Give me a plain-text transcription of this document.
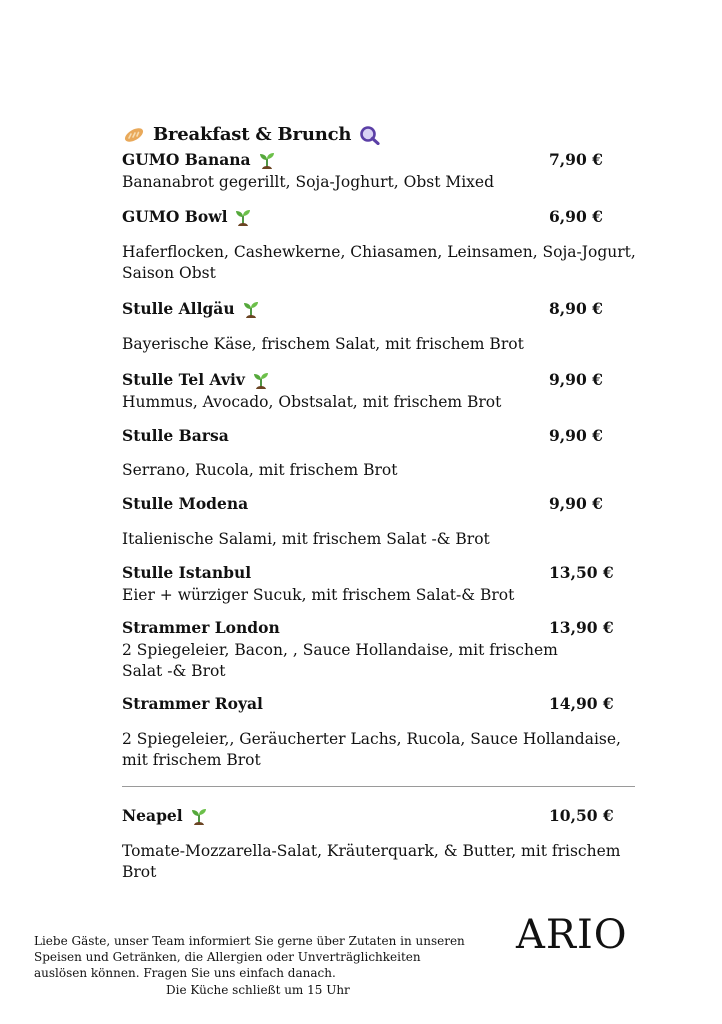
Breakfast & Brunch
GUMO Banana	7,90 €
Bananabrot gegerillt, Soja-Joghurt, Obst Mixed
GUMO Bowl	6,90 €
Haferflocken, Cashewkerne, Chiasamen, Leinsamen, Soja-Jogurt, Saison Obst
Stulle Allgäu	8,90 €
Bayerische Käse, frischem Salat, mit frischem Brot
Stulle Tel Aviv	9,90 €
Hummus, Avocado, Obstsalat, mit frischem Brot
Stulle Barsa	9,90 €
Serrano, Rucola, mit frischem Brot
Stulle Modena	9,90 €
Italienische Salami, mit frischem Salat -& Brot
Stulle Istanbul	13,50 €
Eier + würziger Sucuk, mit frischem Salat-& Brot
Strammer London	13,90 €
2 Spiegeleier, Bacon, , Sauce Hollandaise, mit frischem Salat -& Brot
Strammer Royal	14,90 €
2 Spiegeleier,, Geräucherter Lachs, Rucola, Sauce Hollandaise, mit frischem Brot
Neapel	10,50 €
Tomate-Mozzarella-Salat, Kräuterquark, & Butter, mit frischem Brot
Liebe Gäste, unser Team informiert Sie gerne über Zutaten in unseren
Speisen und Getränken, die Allergien oder Unverträglichkeiten
auslösen können. Fragen Sie uns einfach danach.
Die Küche schließt um 15 Uhr
ARIO
